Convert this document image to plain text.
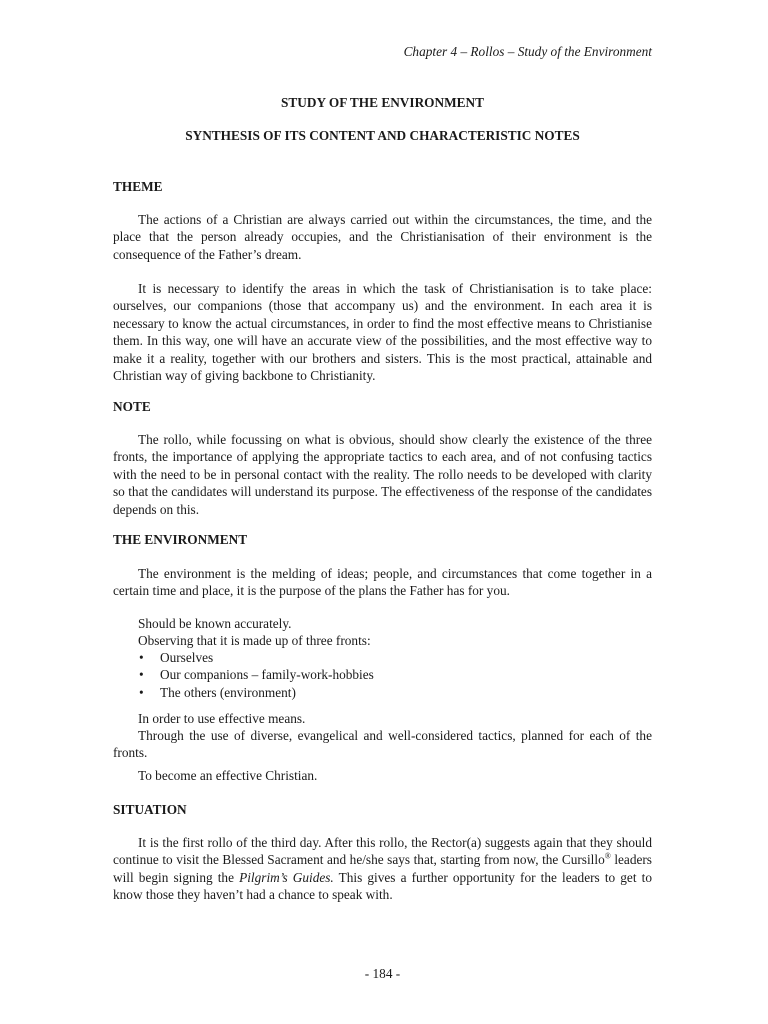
Chapter 4 – Rollos – Study of the Environment
STUDY OF THE ENVIRONMENT
SYNTHESIS OF ITS CONTENT AND CHARACTERISTIC NOTES
THEME

The actions of a Christian are always carried out within the circumstances, the time, and the place that the person already occupies, and the Christianisation of their environment is the consequence of the Father’s dream.

It is necessary to identify the areas in which the task of Christianisation is to take place: ourselves, our companions (those that accompany us) and the environment. In each area it is necessary to know the actual circumstances, in order to find the most effective means to Christianise them. In this way, one will have an accurate view of the possibilities, and the most effective way to make it a reality, together with our brothers and sisters. This is the most practical, attainable and Christian way of giving backbone to Christianity.

NOTE

The rollo, while focussing on what is obvious, should show clearly the existence of the three fronts, the importance of applying the appropriate tactics to each area, and of not confusing tactics with the need to be in personal contact with the reality. The rollo needs to be developed with clarity so that the candidates will understand its purpose. The effectiveness of the response of the candidates depends on this.

THE ENVIRONMENT

The environment is the melding of ideas; people, and circumstances that come together in a certain time and place, it is the purpose of the plans the Father has for you.

Should be known accurately.

Observing that it is made up of three fronts:

• Ourselves
• Our companions – family-work-hobbies
• The others (environment)

In order to use effective means.

Through the use of diverse, evangelical and well-considered tactics, planned for each of the fronts.

To become an effective Christian.

SITUATION

It is the first rollo of the third day. After this rollo, the Rector(a) suggests again that they should continue to visit the Blessed Sacrament and he/she says that, starting from now, the Cursillo® leaders will begin signing the Pilgrim’s Guides. This gives a further opportunity for the leaders to get to know those they haven’t had a chance to speak with.

- 184 -
